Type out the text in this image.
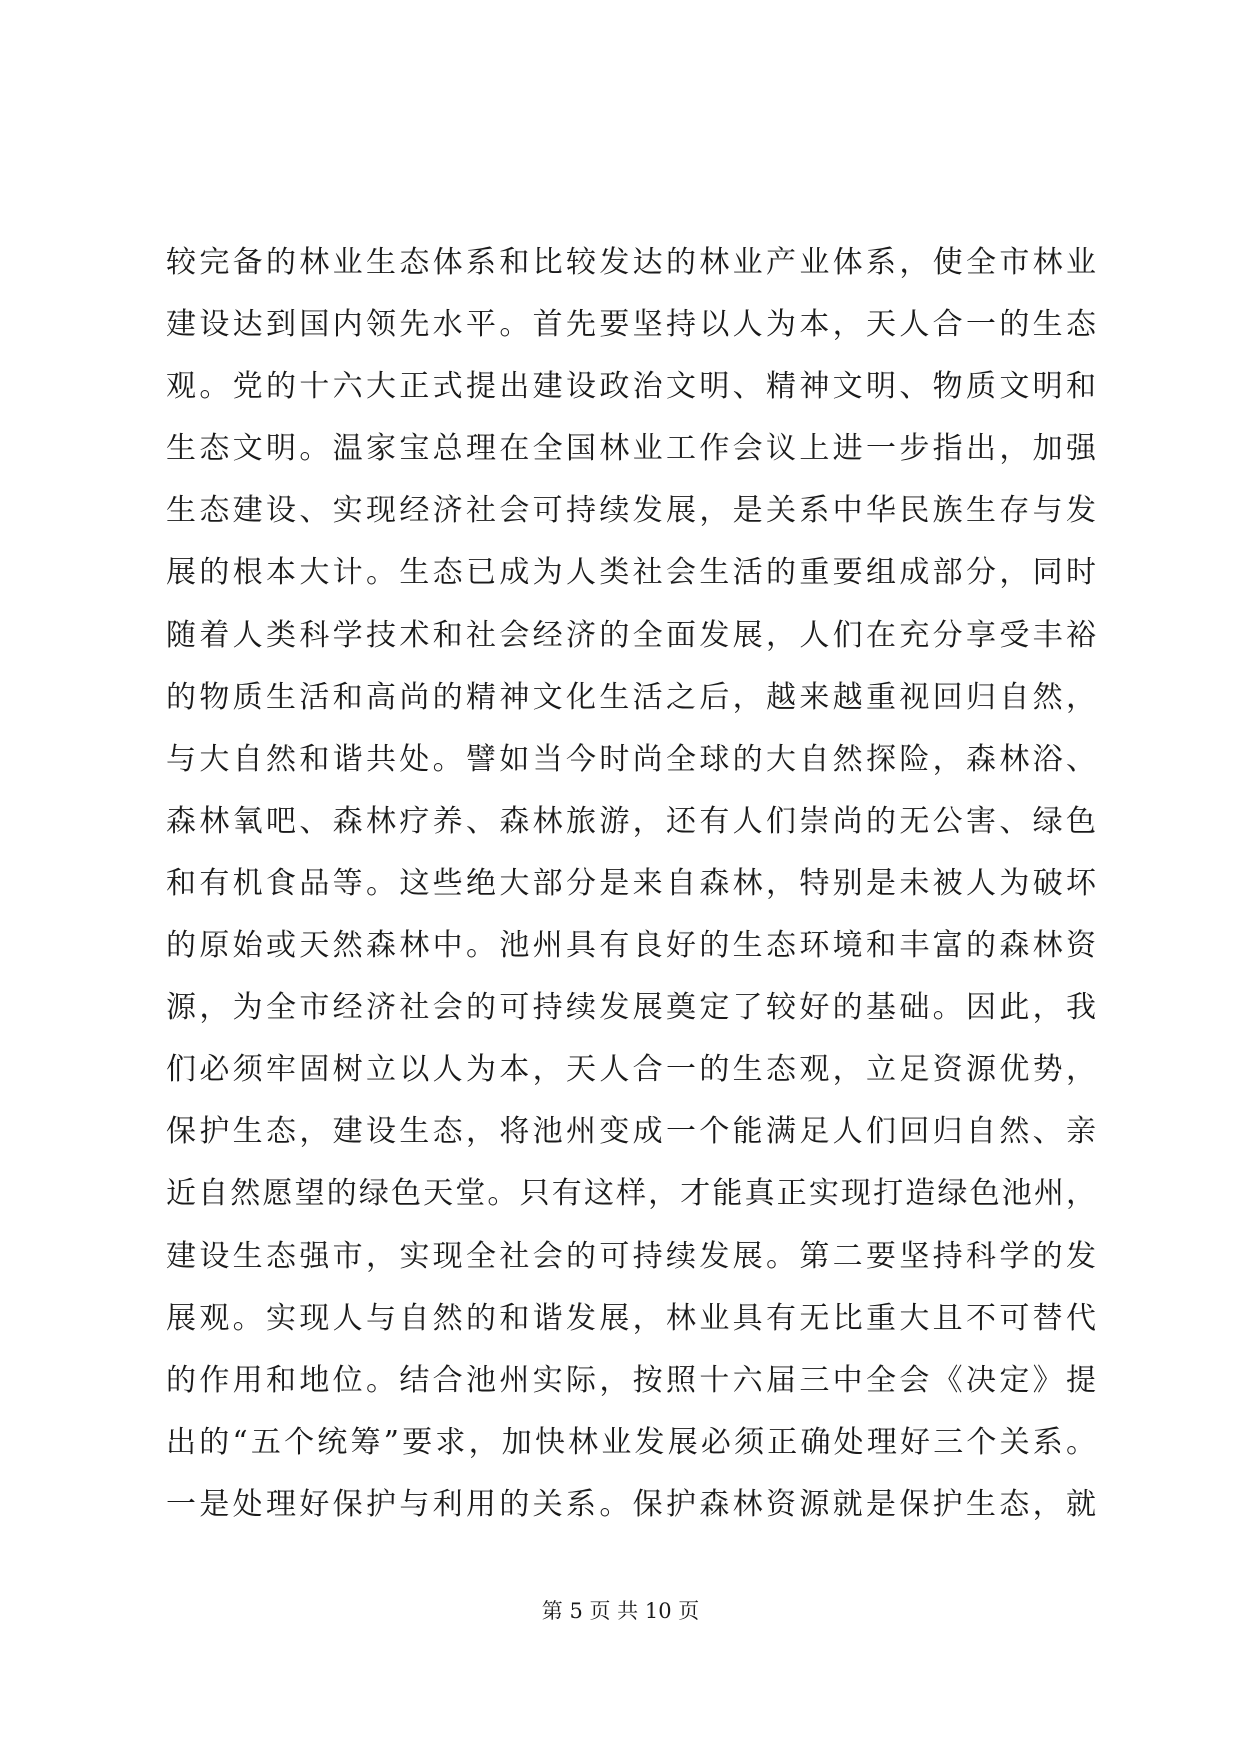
较完备的林业生态体系和比较发达的林业产业体系，使全市林业
建设达到国内领先水平。首先要坚持以人为本，天人合一的生态
观。党的十六大正式提出建设政治文明、精神文明、物质文明和
生态文明。温家宝总理在全国林业工作会议上进一步指出，加强
生态建设、实现经济社会可持续发展，是关系中华民族生存与发
展的根本大计。生态已成为人类社会生活的重要组成部分，同时
随着人类科学技术和社会经济的全面发展，人们在充分享受丰裕
的物质生活和高尚的精神文化生活之后，越来越重视回归自然，
与大自然和谐共处。譬如当今时尚全球的大自然探险，森林浴、
森林氧吧、森林疗养、森林旅游，还有人们崇尚的无公害、绿色
和有机食品等。这些绝大部分是来自森林，特别是未被人为破坏
的原始或天然森林中。池州具有良好的生态环境和丰富的森林资
源，为全市经济社会的可持续发展奠定了较好的基础。因此，我
们必须牢固树立以人为本，天人合一的生态观，立足资源优势，
保护生态，建设生态，将池州变成一个能满足人们回归自然、亲
近自然愿望的绿色天堂。只有这样，才能真正实现打造绿色池州，
建设生态强市，实现全社会的可持续发展。第二要坚持科学的发
展观。实现人与自然的和谐发展，林业具有无比重大且不可替代
的作用和地位。结合池州实际，按照十六届三中全会《决定》提
出的“五个统筹”要求，加快林业发展必须正确处理好三个关系。
一是处理好保护与利用的关系。保护森林资源就是保护生态，就
第 5 页 共 10 页
